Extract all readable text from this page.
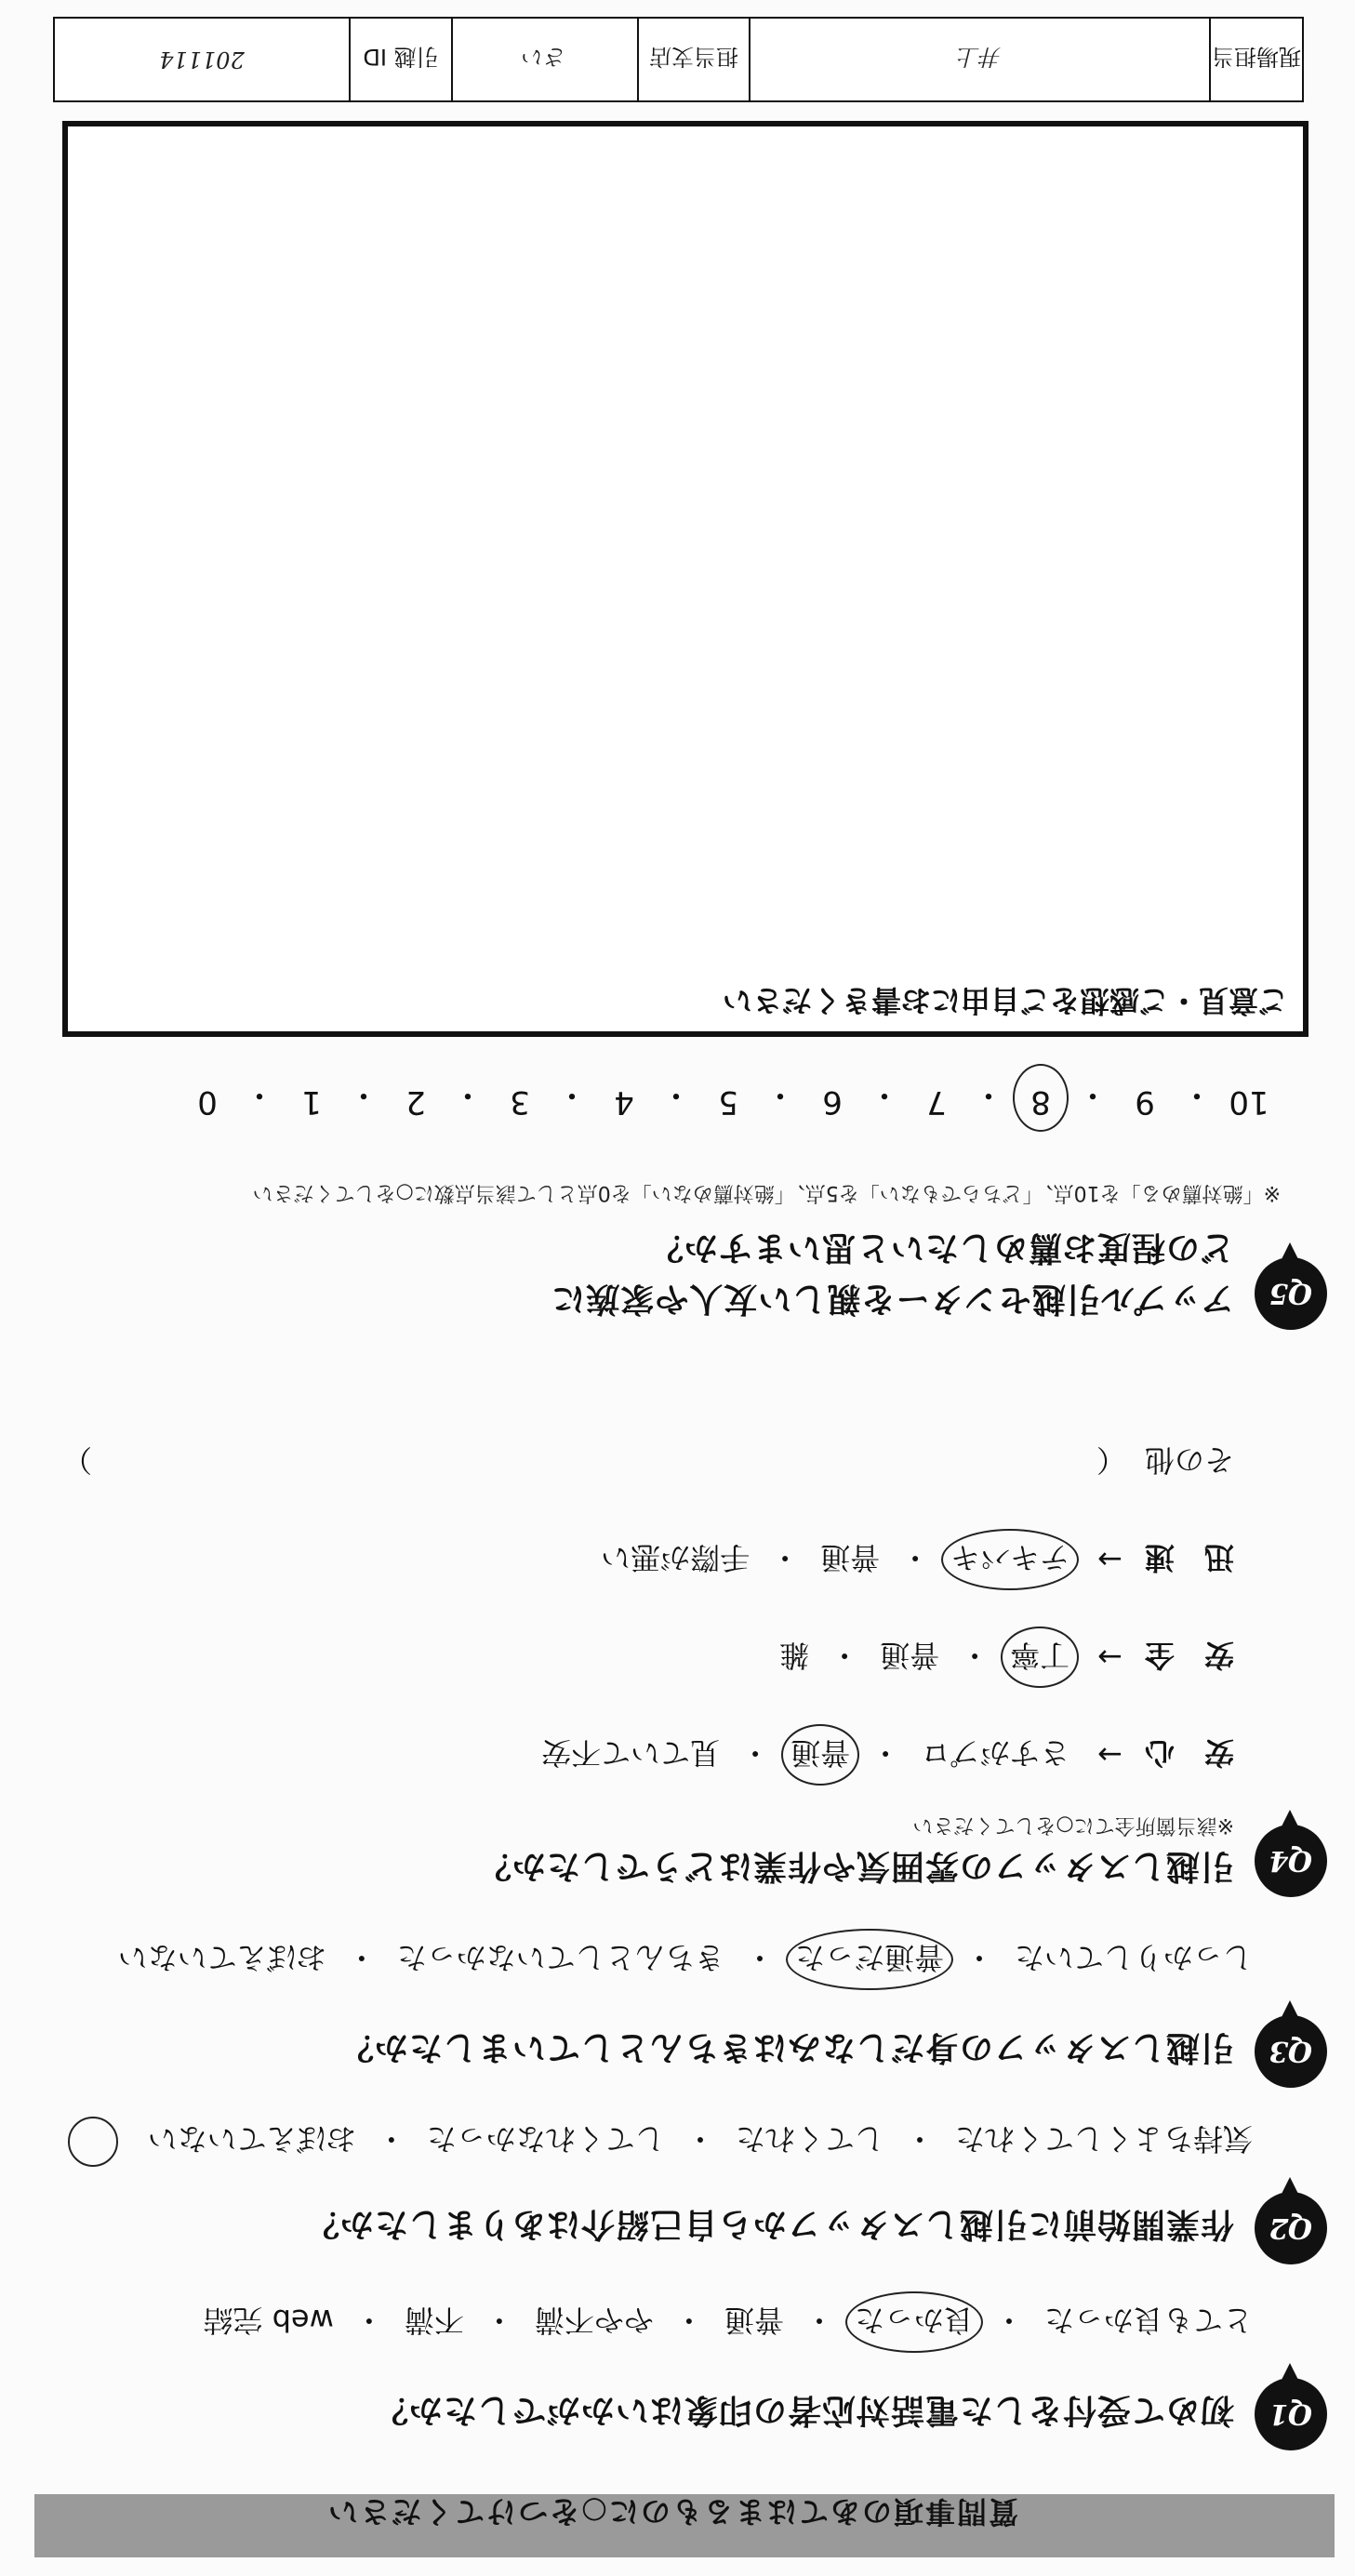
質問事項のあてはまるものに○をつけてください
Q1
初めて受付をした電話対応者の印象はいかがでしたか？
とても良かった
・
良かった
・
普通
・
やや不満
・
不満
・
web 完結
Q2
作業開始前に引越しスタッフから自己紹介はありましたか？
気持ちよくしてくれた
・
してくれた
・
してくれなかった
・
おぼえていない
Q3
引越しスタッフの身だしなみはきちんとしていましたか？
しっかりしていた
・
普通だった
・
きちんとしていなかった
・
おぼえていない
Q4
引越しスタッフの雰囲気や作業はどうでしたか？
※該当箇所全てに○をしてください
安　心
→
さすがプロ
・
普通
・
見ていて不安
安　全
→
丁寧
・
普通
・
雑
迅　速
→
テキパキ
・
普通
・
手際が悪い
その他
（
）
Q5
アップル引越センターを親しい友人や家族に
どの程度お薦めしたいと思いますか？
※「絶対薦める」を10点、「どちらでもない」を5点、「絶対薦めない」を0点として該当点数に○をしてください
10
・
9
・
8
・
7
・
6
・
5
・
4
・
3
・
2
・
1
・
0
ご意見・ご感想をご自由にお書きください
現場担当
井上
担当支店
さい
引越 ID
201114
